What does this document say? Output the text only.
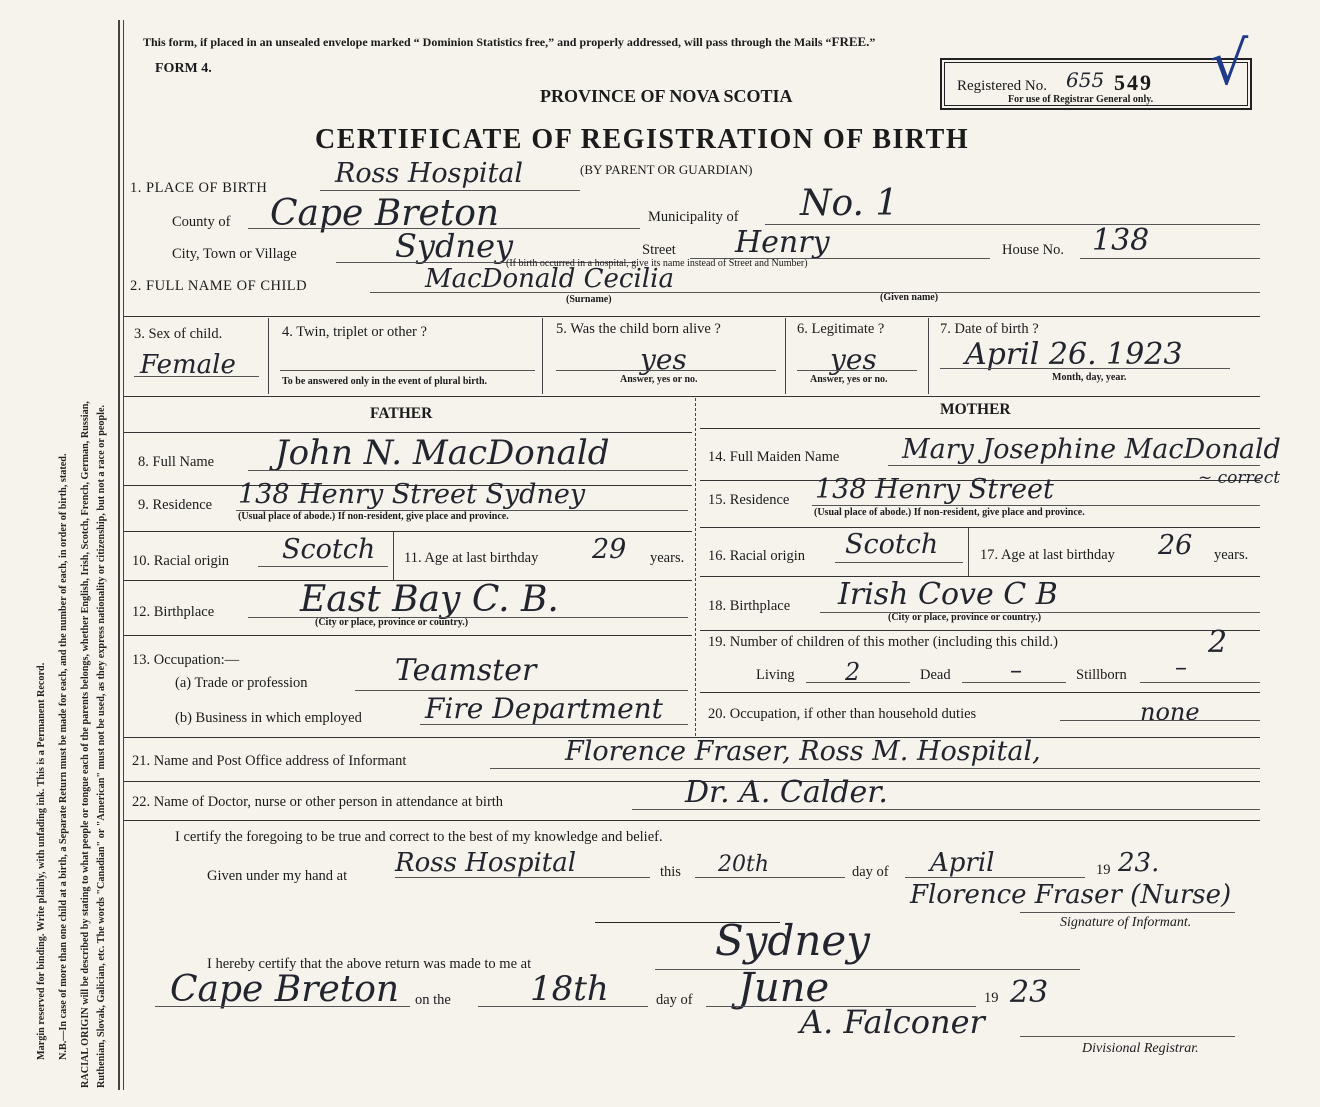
Margin reserved for binding. Write plainly, with unfading ink. This is a Permanent Record. N.B.—In case of more than one child at a birth, a Separate Return must be made for each, and the number of each, in order of birth, stated. RACIAL ORIGIN will be described by stating to what people or tongue each of the parents belongs, whether English, Irish, Scotch, French, German, Russian, Ruthenian, Slovak, Galician, etc. The words "Canadian" or "American" must not be used, as they express nationality or citizenship, but not a race or people.
This form, if placed in an unsealed envelope marked “ Dominion Statistics free,” and properly addressed, will pass through the Mails “FREE.”
FORM 4.
PROVINCE OF NOVA SCOTIA	Registered No. 655 549
For use of Registrar General only.
√
CERTIFICATE OF REGISTRATION OF BIRTH
1. PLACE OF BIRTH	Ross Hospital	(BY PARENT OR GUARDIAN)
County of Cape Breton	Municipality of No. 1
City, Town or Village	Sydney	Street Henry	House No. 138
(If birth occurred in a hospital, give its name instead of Street and Number)
2. FULL NAME OF CHILD	MacDonald Cecilia
(Surname)	(Given name)
3. Sex of child.
Female
4. Twin, triplet or other ?
To be answered only in the event of plural birth.
5. Was the child born alive ?
yes
Answer, yes or no.
6. Legitimate ?
yes
Answer, yes or no.
7. Date of birth ?
April 26. 1923
Month, day, year.
FATHER	MOTHER
8. Full Name John N. MacDonald
9. Residence 138 Henry Street Sydney
(Usual place of abode.) If non-resident, give place and province.
10. Racial origin Scotch 11. Age at last birthday 29 years.
12. Birthplace East Bay C. B.
(City or place, province or country.)
13. Occupation:—
(a) Trade or profession	Teamster
(b) Business in which employed Fire Department
14. Full Maiden Name Mary Josephine MacDonald
~ correct
15. Residence 138 Henry Street
(Usual place of abode.) If non-resident, give place and province.
16. Racial origin Scotch	17. Age at last birthday 26 years.
18. Birthplace Irish Cove C B
(City or place, province or country.)
19. Number of children of this mother (including this child.)	2
Living 2	Dead –	Stillborn –
20. Occupation, if other than household duties	none
21. Name and Post Office address of Informant	Florence Fraser, Ross M. Hospital,
22. Name of Doctor, nurse or other person in attendance at birth	Dr. A. Calder.
I certify the foregoing to be true and correct to the best of my knowledge and belief.
Given under my hand at Ross Hospital	this 20th	day of April	19 23.
Florence Fraser (Nurse)
Signature of Informant.
I hereby certify that the above return was made to me at	Sydney
Cape Breton on the 18th	day of June	19 23
A. Falconer
Divisional Registrar.
